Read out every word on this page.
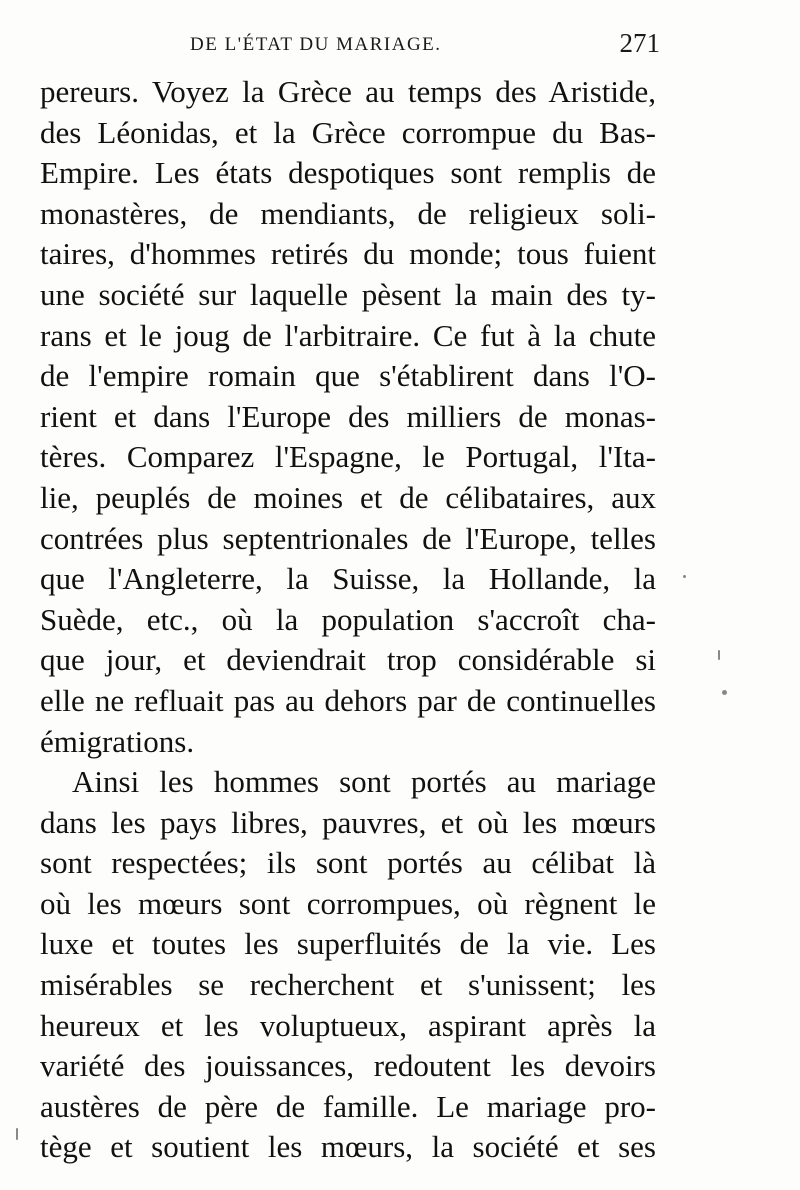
DE L'ÉTAT DU MARIAGE.	271
pereurs. Voyez la Grèce au temps des Aristide,
des Léonidas, et la Grèce corrompue du Bas-
Empire. Les états despotiques sont remplis de
monastères, de mendiants, de religieux soli-
taires, d'hommes retirés du monde; tous fuient
une société sur laquelle pèsent la main des ty-
rans et le joug de l'arbitraire. Ce fut à la chute
de l'empire romain que s'établirent dans l'O-
rient et dans l'Europe des milliers de monas-
tères. Comparez l'Espagne, le Portugal, l'Ita-
lie, peuplés de moines et de célibataires, aux
contrées plus septentrionales de l'Europe, telles
que l'Angleterre, la Suisse, la Hollande, la
Suède, etc., où la population s'accroît cha-
que jour, et deviendrait trop considérable si
elle ne refluait pas au dehors par de continuelles
émigrations.
Ainsi les hommes sont portés au mariage
dans les pays libres, pauvres, et où les mœurs
sont respectées; ils sont portés au célibat là
où les mœurs sont corrompues, où règnent le
luxe et toutes les superfluités de la vie. Les
misérables se recherchent et s'unissent; les
heureux et les voluptueux, aspirant après la
variété des jouissances, redoutent les devoirs
austères de père de famille. Le mariage pro-
tège et soutient les mœurs, la société et ses
